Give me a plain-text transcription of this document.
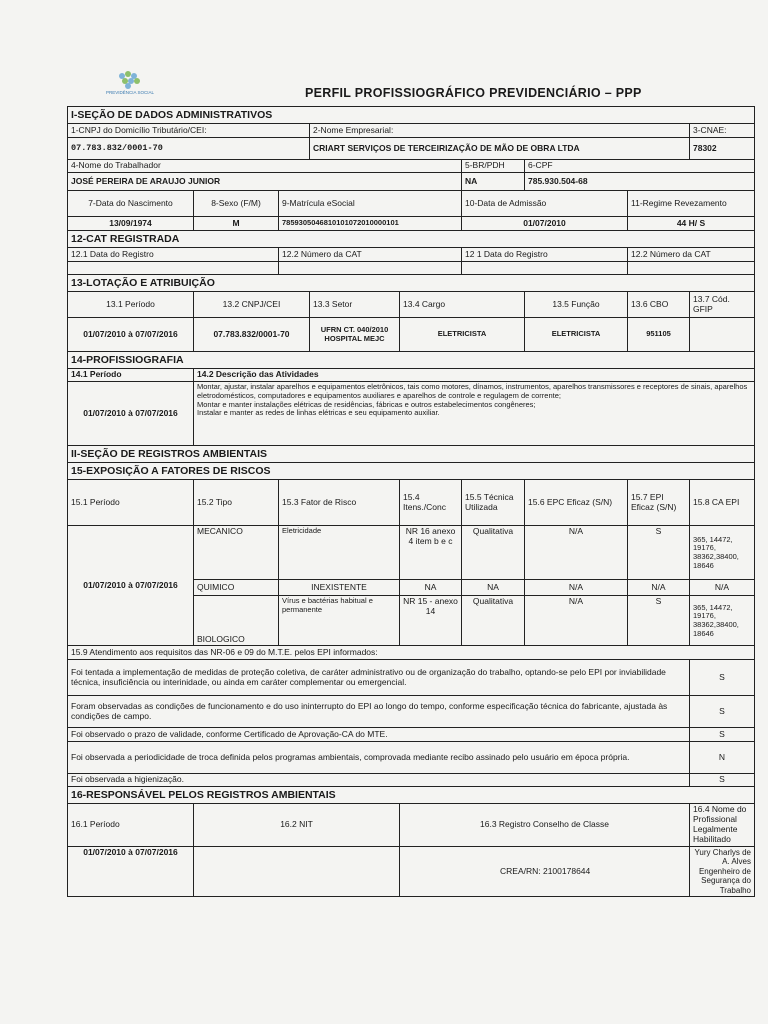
PREVIDÊNCIA SOCIAL	PERFIL PROFISSIOGRÁFICO PREVIDENCIÁRIO – PPP
I-SEÇÃO DE DADOS ADMINISTRATIVOS								
1-CNPJ do Domicílio Tributário/CEI:			2-Nome Empresarial:					3-CNAE:
07.783.832/0001-70			CRIART SERVIÇOS DE TERCEIRIZAÇÃO DE MÃO DE OBRA LTDA					78302
4-Nome do Trabalhador					5-BR/PDH	6-CPF		
JOSÉ PEREIRA DE ARAUJO JUNIOR					NA	785.930.504-68		
7-Data do Nascimento	8-Sexo (F/M)	9-Matrícula eSocial			10-Data de Admissão		11-Regime Revezamento	
13/09/1974	M	7859305046810101072010000101			01/07/2010		44 H/ S	
12-CAT REGISTRADA								
12.1 Data do Registro		12.2 Número da CAT			12 1 Data do Registro		12.2 Número da CAT	

13-LOTAÇÃO E ATRIBUIÇÃO								
13.1 Período	13.2 CNPJ/CEI		13.3 Setor	13.4 Cargo		13.5 Função	13.6 CBO	13.7 Cód. GFIP
01/07/2010 à 07/07/2016	07.783.832/0001-70		UFRN CT. 040/2010 HOSPITAL MEJC	ELETRICISTA		ELETRICISTA	951105	
14-PROFISSIOGRAFIA								
14.1 Período	14.2 Descrição das Atividades							
01/07/2010 à 07/07/2016	Montar, ajustar, instalar aparelhos e equipamentos eletrônicos, tais como motores, dínamos, instrumentos, aparelhos transmissores e receptores de sinais, aparelhos eletrodomésticos, computadores e equipamentos auxiliares e aparelhos de controle e regulagem de corrente;
Montar e manter instalações elétricas de residências, fábricas e outros estabelecimentos congêneres;
Instalar e manter as redes de linhas elétricas e seu equipamento auxiliar.							

II-SEÇÃO DE REGISTROS AMBIENTAIS								
15-EXPOSIÇÃO A FATORES DE RISCOS								
15.1 Período	15.2 Tipo	15.3 Fator de Risco		15.4 Itens./Conc	15.5 Técnica Utilizada	15.6 EPC Eficaz (S/N)	15.7 EPI Eficaz (S/N)	15.8 CA EPI
01/07/2010 à 07/07/2016	MECANICO	Eletricidade		NR 16 anexo 4 item b e c	Qualitativa	N/A	S	365, 14472, 19176, 38362,38400, 18646
	QUIMICO	INEXISTENTE		NA	NA	N/A	N/A	N/A
	BIOLOGICO	Vírus e bactérias habitual e permanente		NR 15 - anexo 14	Qualitativa	N/A	S	365, 14472, 19176, 38362,38400, 18646
15.9 Atendimento aos requisitos das NR-06 e 09 do M.T.E. pelos EPI informados:								
Foi tentada a implementação de medidas de proteção coletiva, de caráter administrativo ou de organização do trabalho, optando-se pelo EPI por inviabilidade técnica, insuficiência ou interinidade, ou ainda em caráter complementar ou emergencial.								S
Foram observadas as condições de funcionamento e do uso ininterrupto do EPI ao longo do tempo, conforme especificação técnica do fabricante, ajustada às condições de campo.								S
Foi observado o prazo de validade, conforme Certificado de Aprovação-CA do MTE.								S
Foi observada a periodicidade de troca definida pelos programas ambientais, comprovada mediante recibo assinado pelo usuário em época própria.								N
Foi observada a higienização.								S
16-RESPONSÁVEL PELOS REGISTROS AMBIENTAIS								
16.1 Período	16.2 NIT			16.3 Registro Conselho de Classe				16.4 Nome do Profissional Legalmente Habilitado
01/07/2010 à 07/07/2016				CREA/RN: 2100178644				Yury Charlys de A. Alves Engenheiro de Segurança do Trabalho
